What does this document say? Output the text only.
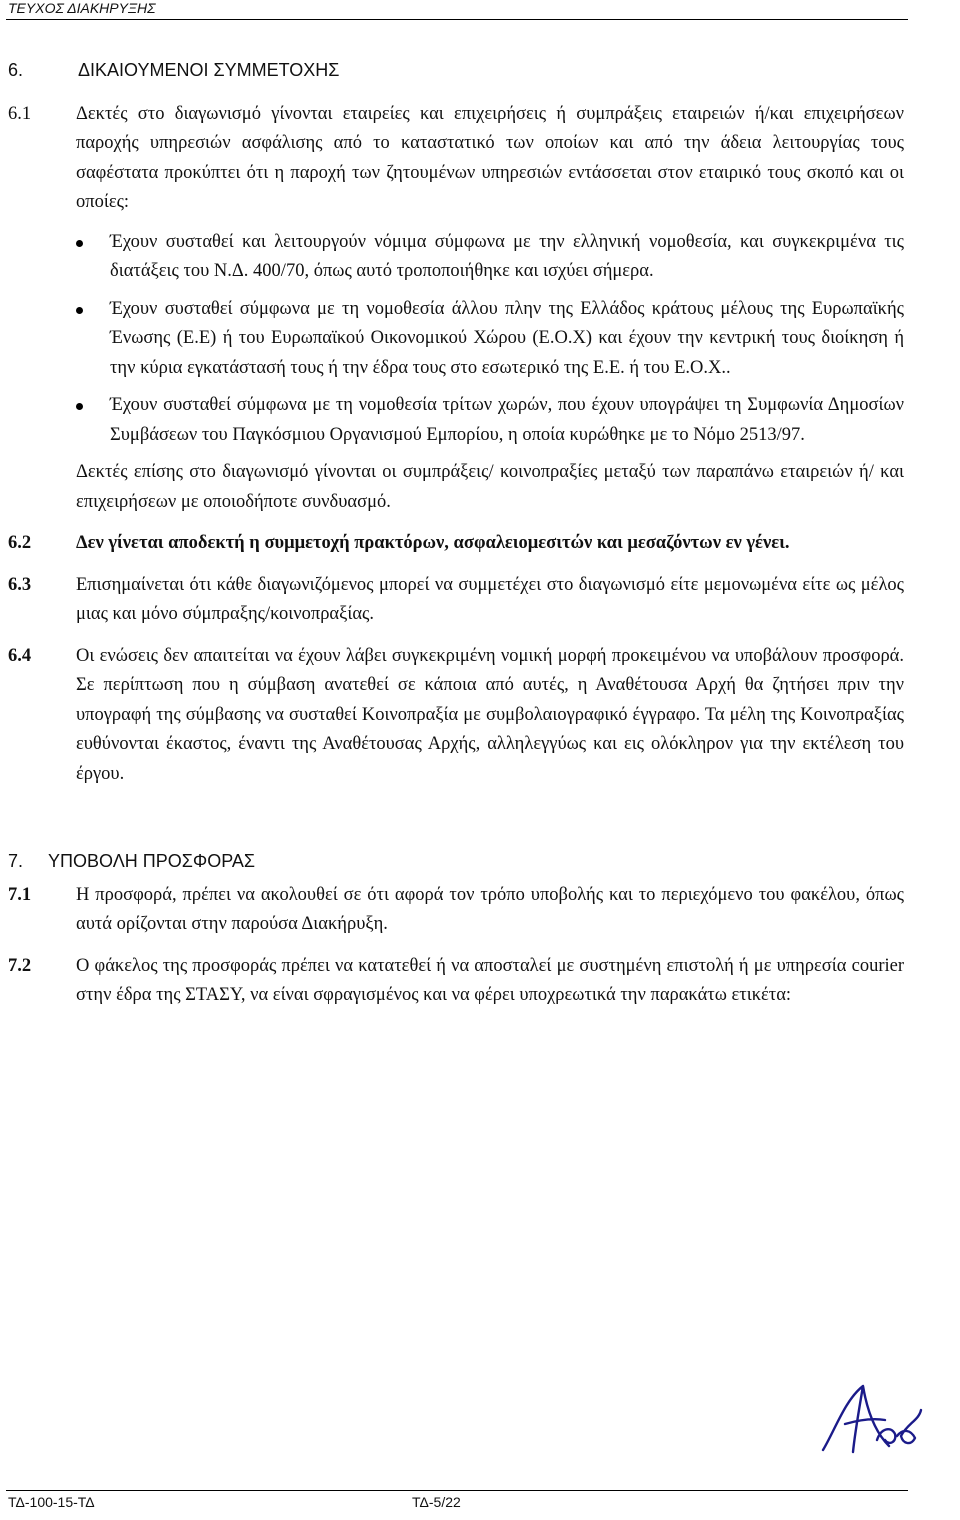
ΤΕΥΧΟΣ ΔΙΑΚΗΡΥΞΗΣ

6.	ΔΙΚΑΙΟΥΜΕΝΟΙ ΣΥΜΜΕΤΟΧΗΣ

6.1	Δεκτές στο διαγωνισμό γίνονται εταιρείες και επιχειρήσεις ή συμπράξεις εταιρειών ή/και επιχειρήσεων παροχής υπηρεσιών ασφάλισης από το καταστατικό των οποίων και από την άδεια λειτουργίας τους σαφέστατα προκύπτει ότι η παροχή των ζητουμένων υπηρεσιών εντάσσεται στον εταιρικό τους σκοπό και οι οποίες:
Έχουν συσταθεί και λειτουργούν νόμιμα σύμφωνα με την ελληνική νομοθεσία, και συγκεκριμένα τις διατάξεις του Ν.Δ. 400/70, όπως αυτό τροποποιήθηκε και ισχύει σήμερα.
Έχουν συσταθεί σύμφωνα με τη νομοθεσία άλλου πλην της Ελλάδος κράτους μέλους της Ευρωπαϊκής Ένωσης (Ε.Ε) ή του Ευρωπαϊκού Οικονομικού Χώρου (Ε.Ο.Χ) και έχουν την κεντρική τους διοίκηση ή την κύρια εγκατάστασή τους ή την έδρα τους στο εσωτερικό της Ε.Ε. ή του Ε.Ο.Χ..
Έχουν συσταθεί σύμφωνα με τη νομοθεσία τρίτων χωρών, που έχουν υπογράψει τη Συμφωνία Δημοσίων Συμβάσεων του Παγκόσμιου Οργανισμού Εμπορίου, η οποία κυρώθηκε με το Νόμο 2513/97.

Δεκτές επίσης στο διαγωνισμό γίνονται οι συμπράξεις/ κοινοπραξίες μεταξύ των παραπάνω εταιρειών ή/ και επιχειρήσεων με οποιοδήποτε συνδυασμό.

6.2	Δεν γίνεται αποδεκτή η συμμετοχή πρακτόρων, ασφαλειομεσιτών και μεσαζόντων εν γένει.
6.3	Επισημαίνεται ότι κάθε διαγωνιζόμενος μπορεί να συμμετέχει στο διαγωνισμό είτε μεμονωμένα είτε ως μέλος μιας και μόνο σύμπραξης/κοινοπραξίας.
6.4	Οι ενώσεις δεν απαιτείται να έχουν λάβει συγκεκριμένη νομική μορφή προκειμένου να υποβάλουν προσφορά. Σε περίπτωση που η σύμβαση ανατεθεί σε κάποια από αυτές, η Αναθέτουσα Αρχή θα ζητήσει πριν την υπογραφή της σύμβασης να συσταθεί Κοινοπραξία με συμβολαιογραφικό έγγραφο. Τα μέλη της Κοινοπραξίας ευθύνονται έκαστος, έναντι της Αναθέτουσας Αρχής, αλληλεγγύως και εις ολόκληρον για την εκτέλεση του έργου.

7. ΥΠΟΒΟΛΗ ΠΡΟΣΦΟΡΑΣ

7.1	Η προσφορά, πρέπει να ακολουθεί σε ότι αφορά τον τρόπο υποβολής και το περιεχόμενο του φακέλου, όπως αυτά ορίζονται στην παρούσα Διακήρυξη.
7.2	Ο φάκελος της προσφοράς πρέπει να κατατεθεί ή να αποσταλεί με συστημένη επιστολή ή με υπηρεσία courier στην έδρα της ΣΤΑΣΥ, να είναι σφραγισμένος και να φέρει υποχρεωτικά την παρακάτω ετικέτα:
ΤΔ-100-15-ΤΔ	ΤΔ-5/22
